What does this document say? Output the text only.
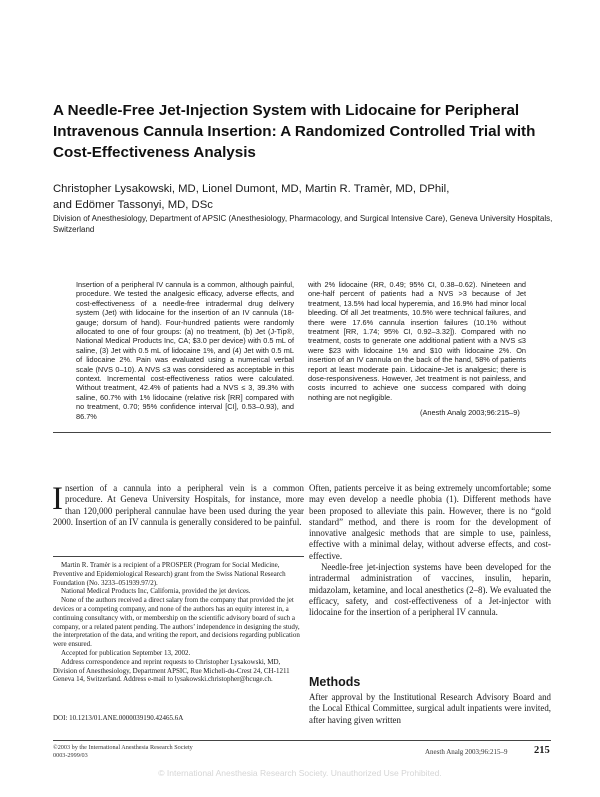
A Needle-Free Jet-Injection System with Lidocaine for Peripheral Intravenous Cannula Insertion: A Randomized Controlled Trial with Cost-Effectiveness Analysis
Christopher Lysakowski, MD, Lionel Dumont, MD, Martin R. Tramèr, MD, DPhil,
and Edömer Tassonyi, MD, DSc
Division of Anesthesiology, Department of APSIC (Anesthesiology, Pharmacology, and Surgical Intensive Care), Geneva University Hospitals, Switzerland
Insertion of a peripheral IV cannula is a common, although painful, procedure. We tested the analgesic efficacy, adverse effects, and cost-effectiveness of a needle-free intradermal drug delivery system (Jet) with lidocaine for the insertion of an IV cannula (18-gauge; dorsum of hand). Four-hundred patients were randomly allocated to one of four groups: (a) no treatment, (b) Jet (J-Tip®, National Medical Products Inc, CA; $3.0 per device) with 0.5 mL of saline, (3) Jet with 0.5 mL of lidocaine 1%, and (4) Jet with 0.5 mL of lidocaine 2%. Pain was evaluated using a numerical verbal scale (NVS 0–10). A NVS ≤3 was considered as acceptable in this context. Incremental cost-effectiveness ratios were calculated. Without treatment, 42.4% of patients had a NVS ≤ 3, 39.3% with saline, 60.7% with 1% lidocaine (relative risk [RR] compared with no treatment, 0.70; 95% confidence interval [CI], 0.53–0.93), and 86.7%
with 2% lidocaine (RR, 0.49; 95% CI, 0.38–0.62). Nineteen and one-half percent of patients had a NVS >3 because of Jet treatment, 13.5% had local hyperemia, and 16.9% had minor local bleeding. Of all Jet treatments, 10.5% were technical failures, and there were 17.6% cannula insertion failures (10.1% without treatment [RR, 1.74; 95% CI, 0.92–3.32]). Compared with no treatment, costs to generate one additional patient with a NVS ≤3 were $23 with lidocaine 1% and $10 with lidocaine 2%. On insertion of an IV cannula on the back of the hand, 58% of patients report at least moderate pain. Lidocaine-Jet is analgesic; there is dose-responsiveness. However, Jet treatment is not painless, and costs incurred to achieve one success compared with doing nothing are not negligible.
(Anesth Analg 2003;96:215–9)
Insertion of a cannula into a peripheral vein is a common procedure. At Geneva University Hospitals, for instance, more than 120,000 peripheral cannulae have been used during the year 2000. Insertion of an IV cannula is generally considered to be painful.

Often, patients perceive it as being extremely uncomfortable; some may even develop a needle phobia (1). Different methods have been proposed to alleviate this pain. However, there is no “gold standard” method, and there is room for the development of innovative analgesic methods that are simple to use, painless, effective with a minimal delay, without adverse effects, and cost-effective.

Needle-free jet-injection systems have been developed for the intradermal administration of vaccines, insulin, heparin, midazolam, ketamine, and local anesthetics (2–8). We evaluated the efficacy, safety, and cost-effectiveness of a Jet-injector with lidocaine for the insertion of a peripheral IV cannula.

Methods
After approval by the Institutional Research Advisory Board and the Local Ethical Committee, surgical adult inpatients were invited, after having given written

Martin R. Tramèr is a recipient of a PROSPER (Program for Social Medicine, Preventive and Epidemiological Research) grant from the Swiss National Research Foundation (No. 3233–051939.97/2).

National Medical Products Inc, California, provided the jet devices.

None of the authors received a direct salary from the company that provided the jet devices or a competing company, and none of the authors has an equity interest in, a continuing consultancy with, or membership on the scientific advisory board of such a company, or a related patent pending. The authors’ independence in designing the study, the interpretation of the data, and writing the report, and decisions regarding publication were ensured.

Accepted for publication September 13, 2002.

Address correspondence and reprint requests to Christopher Lysakowski, MD, Division of Anesthesiology, Department APSIC, Rue Micheli-du-Crest 24, CH-1211 Geneva 14, Switzerland. Address e-mail to lysakowski.christopher@hcuge.ch.

DOI: 10.1213/01.ANE.0000039190.42465.6A
©2003 by the International Anesthesia Research Society
0003-2999/03	Anesth Analg 2003;96:215–9	215
© International Anesthesia Research Society. Unauthorized Use Prohibited.
